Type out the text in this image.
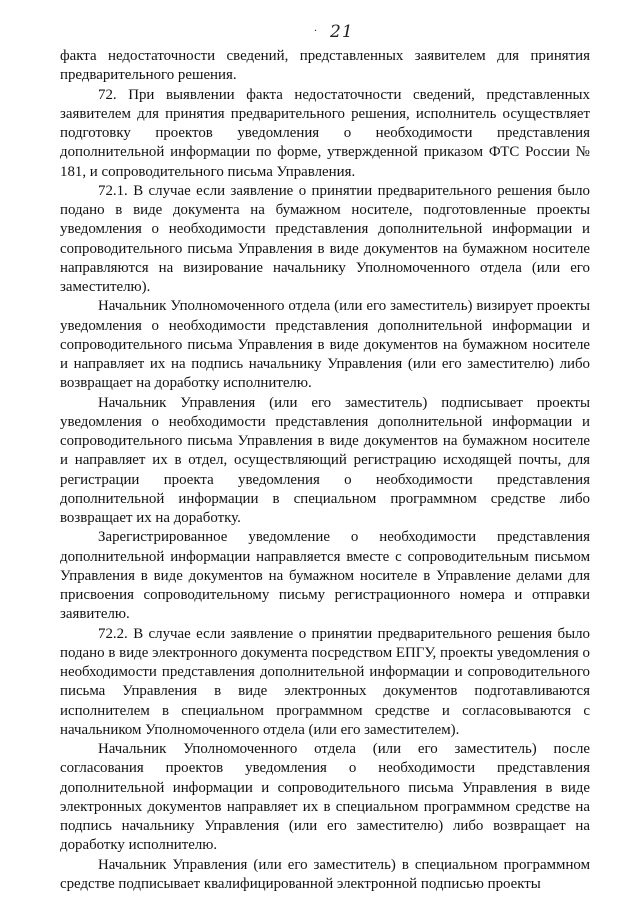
· 21

факта недостаточности сведений, представленных заявителем для принятия предварительного решения.

72. При выявлении факта недостаточности сведений, представленных заявителем для принятия предварительного решения, исполнитель осуществляет подготовку проектов уведомления о необходимости представления дополнительной информации по форме, утвержденной приказом ФТС России № 181, и сопроводительного письма Управления.

72.1. В случае если заявление о принятии предварительного решения было подано в виде документа на бумажном носителе, подготовленные проекты уведомления о необходимости представления дополнительной информации и сопроводительного письма Управления в виде документов на бумажном носителе направляются на визирование начальнику Уполномоченного отдела (или его заместителю).

Начальник Уполномоченного отдела (или его заместитель) визирует проекты уведомления о необходимости представления дополнительной информации и сопроводительного письма Управления в виде документов на бумажном носителе и направляет их на подпись начальнику Управления (или его заместителю) либо возвращает на доработку исполнителю.

Начальник Управления (или его заместитель) подписывает проекты уведомления о необходимости представления дополнительной информации и сопроводительного письма Управления в виде документов на бумажном носителе и направляет их в отдел, осуществляющий регистрацию исходящей почты, для регистрации проекта уведомления о необходимости представления дополнительной информации в специальном программном средстве либо возвращает их на доработку.

Зарегистрированное уведомление о необходимости представления дополнительной информации направляется вместе с сопроводительным письмом Управления в виде документов на бумажном носителе в Управление делами для присвоения сопроводительному письму регистрационного номера и отправки заявителю.

72.2. В случае если заявление о принятии предварительного решения было подано в виде электронного документа посредством ЕПГУ, проекты уведомления о необходимости представления дополнительной информации и сопроводительного письма Управления в виде электронных документов подготавливаются исполнителем в специальном программном средстве и согласовываются с начальником Уполномоченного отдела (или его заместителем).

Начальник Уполномоченного отдела (или его заместитель) после согласования проектов уведомления о необходимости представления дополнительной информации и сопроводительного письма Управления в виде электронных документов направляет их в специальном программном средстве на подпись начальнику Управления (или его заместителю) либо возвращает на доработку исполнителю.

Начальник Управления (или его заместитель) в специальном программном средстве подписывает квалифицированной электронной подписью проекты
